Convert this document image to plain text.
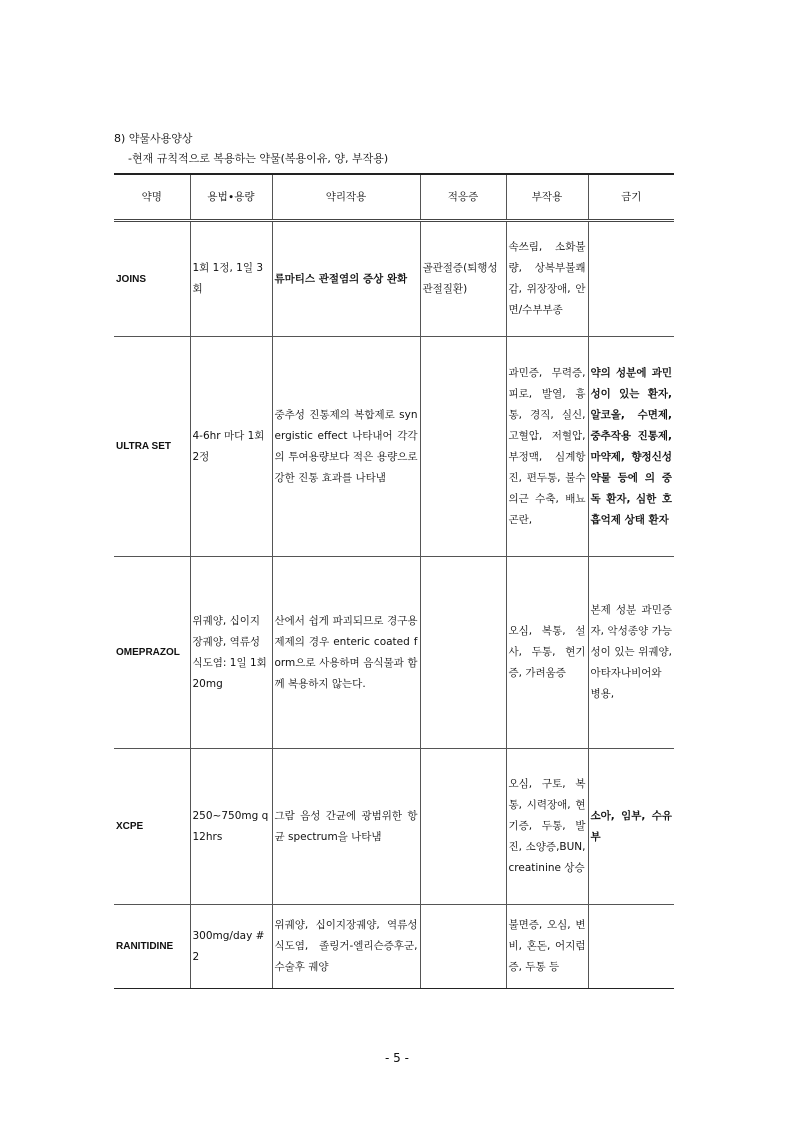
8) 약물사용양상
-현재 규칙적으로 복용하는 약물(복용이유, 양, 부작용)
약명	용법∙용량	약리작용	적응증	부작용	금기
JOINS	1회 1정, 1일 3회	류마티스 관절염의 증상 완화	골관절증(퇴행성 관절질환)	속쓰림, 소화불량, 상복부불쾌감, 위장장애, 안면/수부부종	
ULTRA SET	4-6hr 마다 1회 2정	중추성 진통제의 복합제로 synergistic effect 나타내어 각각의 투여용량보다 적은 용량으로 강한 진통 효과를 나타냄		과민증, 무력증, 피로, 발열, 흉통, 경직, 실신, 고혈압, 저혈압, 부정맥, 심계항진, 편두통, 불수의근 수축, 배뇨곤란,	약의 성분에 과민성이 있는 환자, 알코올, 수면제, 중추작용 진통제, 마약제, 향정신성 약물 등에 의 중독 환자, 심한 호흡억제 상태 환자
OMEPRAZOL	위궤양, 십이지장궤양, 역류성식도염: 1일 1회 20mg	산에서 쉽게 파괴되므로 경구용 제제의 경우 enteric coated form으로 사용하며 음식물과 함께 복용하지 않는다.		오심, 복통, 설사, 두통, 현기증, 가려움증	본제 성분 과민증자, 악성종양 가능성이 있는 위궤양, 아타자나비어와 병용,
XCPE	250~750mg q 12hrs	그람 음성 간균에 광범위한 항균 spectrum을 나타냄		오심, 구토, 복통, 시력장애, 현기증, 두통, 발진, 소양증,BUN, creatinine 상승	소아, 임부, 수유부
RANITIDINE	300mg/day #2	위궤양, 십이지장궤양, 역류성 식도염, 졸링거-엘리슨증후군, 수술후 궤양		불면증, 오심, 변비, 혼돈, 어지럼증, 두통 등	
- 5 -
